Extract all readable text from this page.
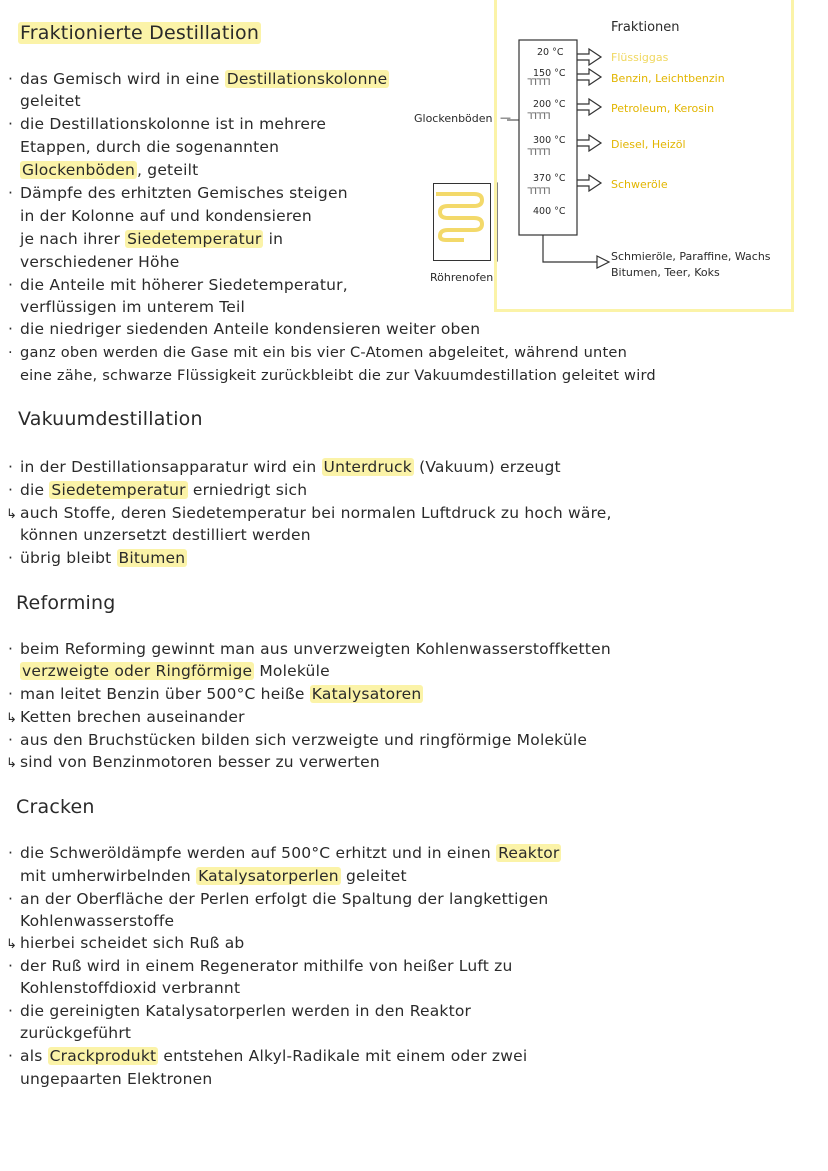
Fraktionierte Destillation
· das Gemisch wird in eine Destillationskolonne
geleitet
· die Destillationskolonne ist in mehrere
Etappen, durch die sogenannten
Glockenböden , geteilt
· Dämpfe des erhitzten Gemisches steigen
in der Kolonne auf und kondensieren
je nach ihrer Siedetemperatur in
verschiedener Höhe
· die Anteile mit höherer Siedetemperatur,
verflüssigen im unterem Teil
· die niedriger siedenden Anteile kondensieren weiter oben
· ganz oben werden die Gase mit ein bis vier C-Atomen abgeleitet, während unten
eine zähe, schwarze Flüssigkeit zurückbleibt die zur Vakuumdestillation geleitet wird
Fraktionen
20 °C
150 °C
ᒣᒣᒣᒣᒣ
200 °C
ᒣᒣᒣᒣᒣ
300 °C
ᒣᒣᒣᒣᒣ
370 °C
ᒣᒣᒣᒣᒣ
400 °C
Flüssiggas
Benzin, Leichtbenzin
Petroleum, Kerosin
Diesel, Heizöl
Schweröle
Schmieröle, Paraffine, Wachs
Bitumen, Teer, Koks
Glockenböden —
Röhrenofen
Vakuumdestillation
· in der Destillationsapparatur wird ein Unterdruck (Vakuum) erzeugt
· die Siedetemperatur erniedrigt sich
↳ auch Stoffe, deren Siedetemperatur bei normalen Luftdruck zu hoch wäre,
können unzersetzt destilliert werden
· übrig bleibt Bitumen
Reforming
· beim Reforming gewinnt man aus unverzweigten Kohlenwasserstoffketten
verzweigte oder Ringförmige Moleküle
· man leitet Benzin über 500°C heiße Katalysatoren
↳ Ketten brechen auseinander
· aus den Bruchstücken bilden sich verzweigte und ringförmige Moleküle
↳ sind von Benzinmotoren besser zu verwerten
Cracken
· die Schweröldämpfe werden auf 500°C erhitzt und in einen Reaktor
mit umherwirbelnden Katalysatorperlen geleitet
· an der Oberfläche der Perlen erfolgt die Spaltung der langkettigen
Kohlenwasserstoffe
↳ hierbei scheidet sich Ruß ab
· der Ruß wird in einem Regenerator mithilfe von heißer Luft zu
Kohlenstoffdioxid verbrannt
· die gereinigten Katalysatorperlen werden in den Reaktor
zurückgeführt
· als Crackprodukt entstehen Alkyl-Radikale mit einem oder zwei
ungepaarten Elektronen
